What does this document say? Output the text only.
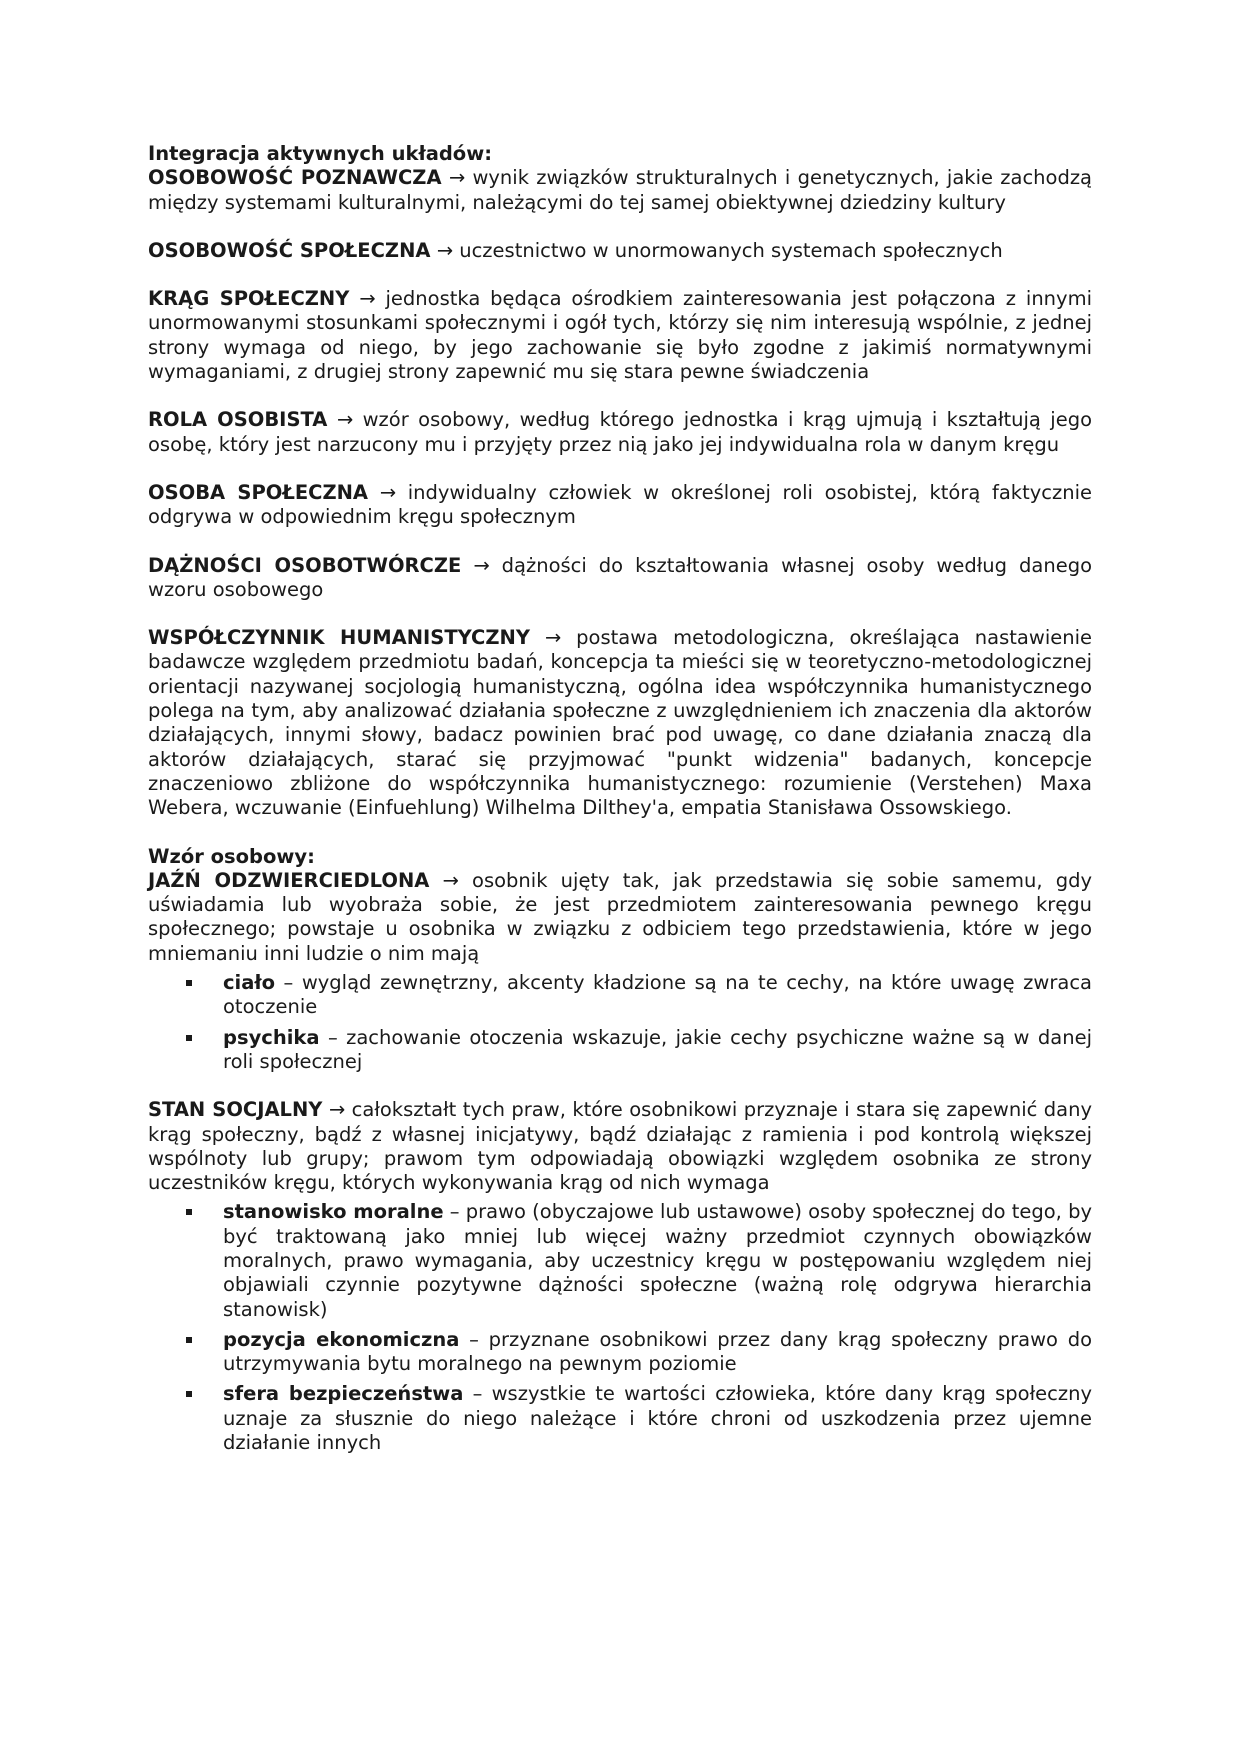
Integracja aktywnych układów:

OSOBOWOŚĆ POZNAWCZA → wynik związków strukturalnych i genetycznych, jakie zachodzą między systemami kulturalnymi, należącymi do tej samej obiektywnej dziedziny kultury

OSOBOWOŚĆ SPOŁECZNA → uczestnictwo w unormowanych systemach społecznych

KRĄG SPOŁECZNY → jednostka będąca ośrodkiem zainteresowania jest połączona z innymi unormowanymi stosunkami społecznymi i ogół tych, którzy się nim interesują wspólnie, z jednej strony wymaga od niego, by jego zachowanie się było zgodne z jakimiś normatywnymi wymaganiami, z drugiej strony zapewnić mu się stara pewne świadczenia

ROLA OSOBISTA → wzór osobowy, według którego jednostka i krąg ujmują i kształtują jego osobę, który jest narzucony mu i przyjęty przez nią jako jej indywidualna rola w danym kręgu

OSOBA SPOŁECZNA → indywidualny człowiek w określonej roli osobistej, którą faktycznie odgrywa w odpowiednim kręgu społecznym

DĄŻNOŚCI OSOBOTWÓRCZE → dążności do kształtowania własnej osoby według danego wzoru osobowego

WSPÓŁCZYNNIK HUMANISTYCZNY → postawa metodologiczna, określająca nastawienie badawcze względem przedmiotu badań, koncepcja ta mieści się w teoretyczno-metodologicznej orientacji nazywanej socjologią humanistyczną, ogólna idea współczynnika humanistycznego polega na tym, aby analizować działania społeczne z uwzględnieniem ich znaczenia dla aktorów działających, innymi słowy, badacz powinien brać pod uwagę, co dane działania znaczą dla aktorów działających, starać się przyjmować "punkt widzenia" badanych, koncepcje znaczeniowo zbliżone do współczynnika humanistycznego: rozumienie (Verstehen) Maxa Webera, wczuwanie (Einfuehlung) Wilhelma Dilthey'a, empatia Stanisława Ossowskiego.

Wzór osobowy:

JAŹŃ ODZWIERCIEDLONA → osobnik ujęty tak, jak przedstawia się sobie samemu, gdy uświadamia lub wyobraża sobie, że jest przedmiotem zainteresowania pewnego kręgu społecznego; powstaje u osobnika w związku z odbiciem tego przedstawienia, które w jego mniemaniu inni ludzie o nim mają

ciało – wygląd zewnętrzny, akcenty kładzione są na te cechy, na które uwagę zwraca otoczenie
psychika – zachowanie otoczenia wskazuje, jakie cechy psychiczne ważne są w danej roli społecznej

STAN SOCJALNY → całokształt tych praw, które osobnikowi przyznaje i stara się zapewnić dany krąg społeczny, bądź z własnej inicjatywy, bądź działając z ramienia i pod kontrolą większej wspólnoty lub grupy; prawom tym odpowiadają obowiązki względem osobnika ze strony uczestników kręgu, których wykonywania krąg od nich wymaga

stanowisko moralne – prawo (obyczajowe lub ustawowe) osoby społecznej do tego, by być traktowaną jako mniej lub więcej ważny przedmiot czynnych obowiązków moralnych, prawo wymagania, aby uczestnicy kręgu w postępowaniu względem niej objawiali czynnie pozytywne dążności społeczne (ważną rolę odgrywa hierarchia stanowisk)
pozycja ekonomiczna – przyznane osobnikowi przez dany krąg społeczny prawo do utrzymywania bytu moralnego na pewnym poziomie
sfera bezpieczeństwa – wszystkie te wartości człowieka, które dany krąg społeczny uznaje za słusznie do niego należące i które chroni od uszkodzenia przez ujemne działanie innych
